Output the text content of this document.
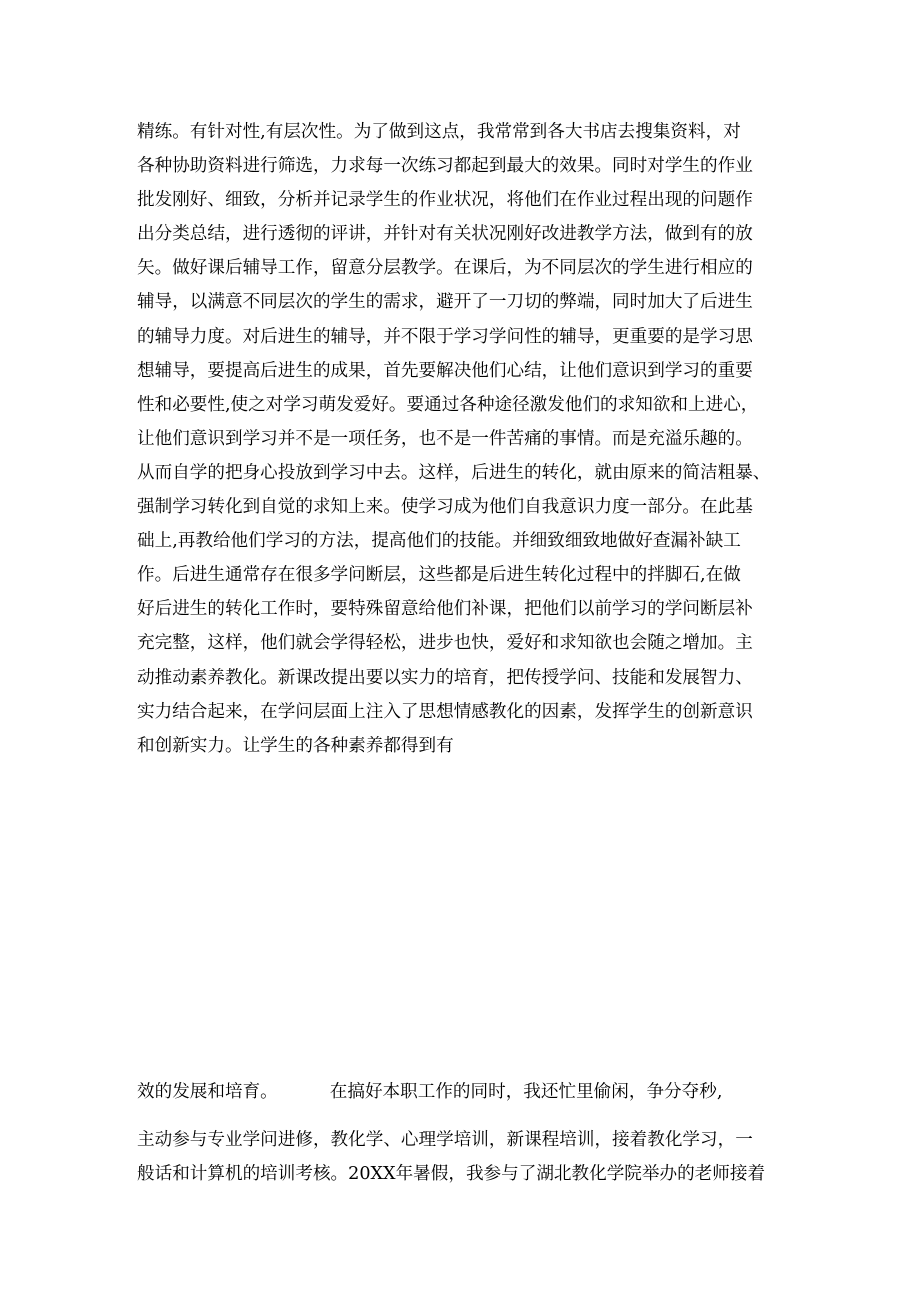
精练。有针对性,有层次性。为了做到这点，我常常到各大书店去搜集资料，对
各种协助资料进行筛选，力求每一次练习都起到最大的效果。同时对学生的作业
批发刚好、细致，分析并记录学生的作业状况，将他们在作业过程出现的问题作
出分类总结，进行透彻的评讲，并针对有关状况刚好改进教学方法，做到有的放
矢。做好课后辅导工作，留意分层教学。在课后，为不同层次的学生进行相应的
辅导，以满意不同层次的学生的需求，避开了一刀切的弊端，同时加大了后进生
的辅导力度。对后进生的辅导，并不限于学习学问性的辅导，更重要的是学习思
想辅导，要提高后进生的成果，首先要解决他们心结，让他们意识到学习的重要
性和必要性,使之对学习萌发爱好。要通过各种途径激发他们的求知欲和上进心，
让他们意识到学习并不是一项任务，也不是一件苦痛的事情。而是充溢乐趣的。
从而自学的把身心投放到学习中去。这样，后进生的转化，就由原来的简洁粗暴、
强制学习转化到自觉的求知上来。使学习成为他们自我意识力度一部分。在此基
础上,再教给他们学习的方法，提高他们的技能。并细致细致地做好查漏补缺工
作。后进生通常存在很多学问断层，这些都是后进生转化过程中的拌脚石,在做
好后进生的转化工作时，要特殊留意给他们补课，把他们以前学习的学问断层补
充完整，这样，他们就会学得轻松，进步也快，爱好和求知欲也会随之增加。主
动推动素养教化。新课改提出要以实力的培育，把传授学问、技能和发展智力、
实力结合起来，在学问层面上注入了思想情感教化的因素，发挥学生的创新意识
和创新实力。让学生的各种素养都得到有
效的发展和培育。	在搞好本职工作的同时，我还忙里偷闲，争分夺秒,
主动参与专业学问进修，教化学、心理学培训，新课程培训，接着教化学习，一
般话和计算机的培训考核。20XX年暑假，我参与了湖北教化学院举办的老师接着
